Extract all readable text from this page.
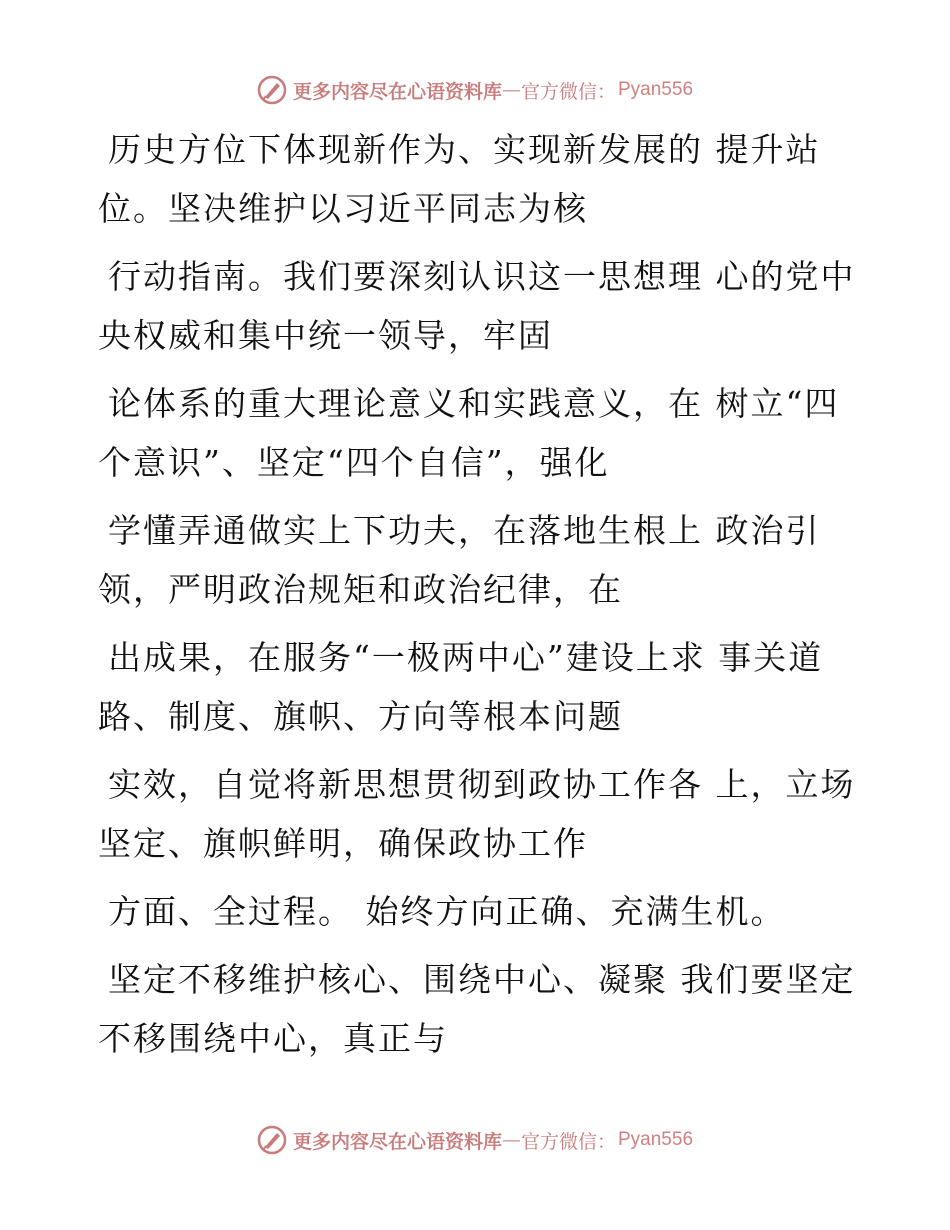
更多内容尽在心语资料库 — 官方微信： Pyan556
历史方位下体现新作为、实现新发展的 提升站
位。坚决维护以习近平同志为核
行动指南。我们要深刻认识这一思想理 心的党中
央权威和集中统一领导，牢固
论体系的重大理论意义和实践意义，在 树立“四
个意识”、坚定“四个自信”，强化
学懂弄通做实上下功夫，在落地生根上 政治引
领，严明政治规矩和政治纪律，在
出成果，在服务“一极两中心”建设上求 事关道
路、制度、旗帜、方向等根本问题
实效，自觉将新思想贯彻到政协工作各 上，立场
坚定、旗帜鲜明，确保政协工作
方面、全过程。 始终方向正确、充满生机。
坚定不移维护核心、围绕中心、凝聚 我们要坚定
不移围绕中心，真正与
更多内容尽在心语资料库 — 官方微信： Pyan556
